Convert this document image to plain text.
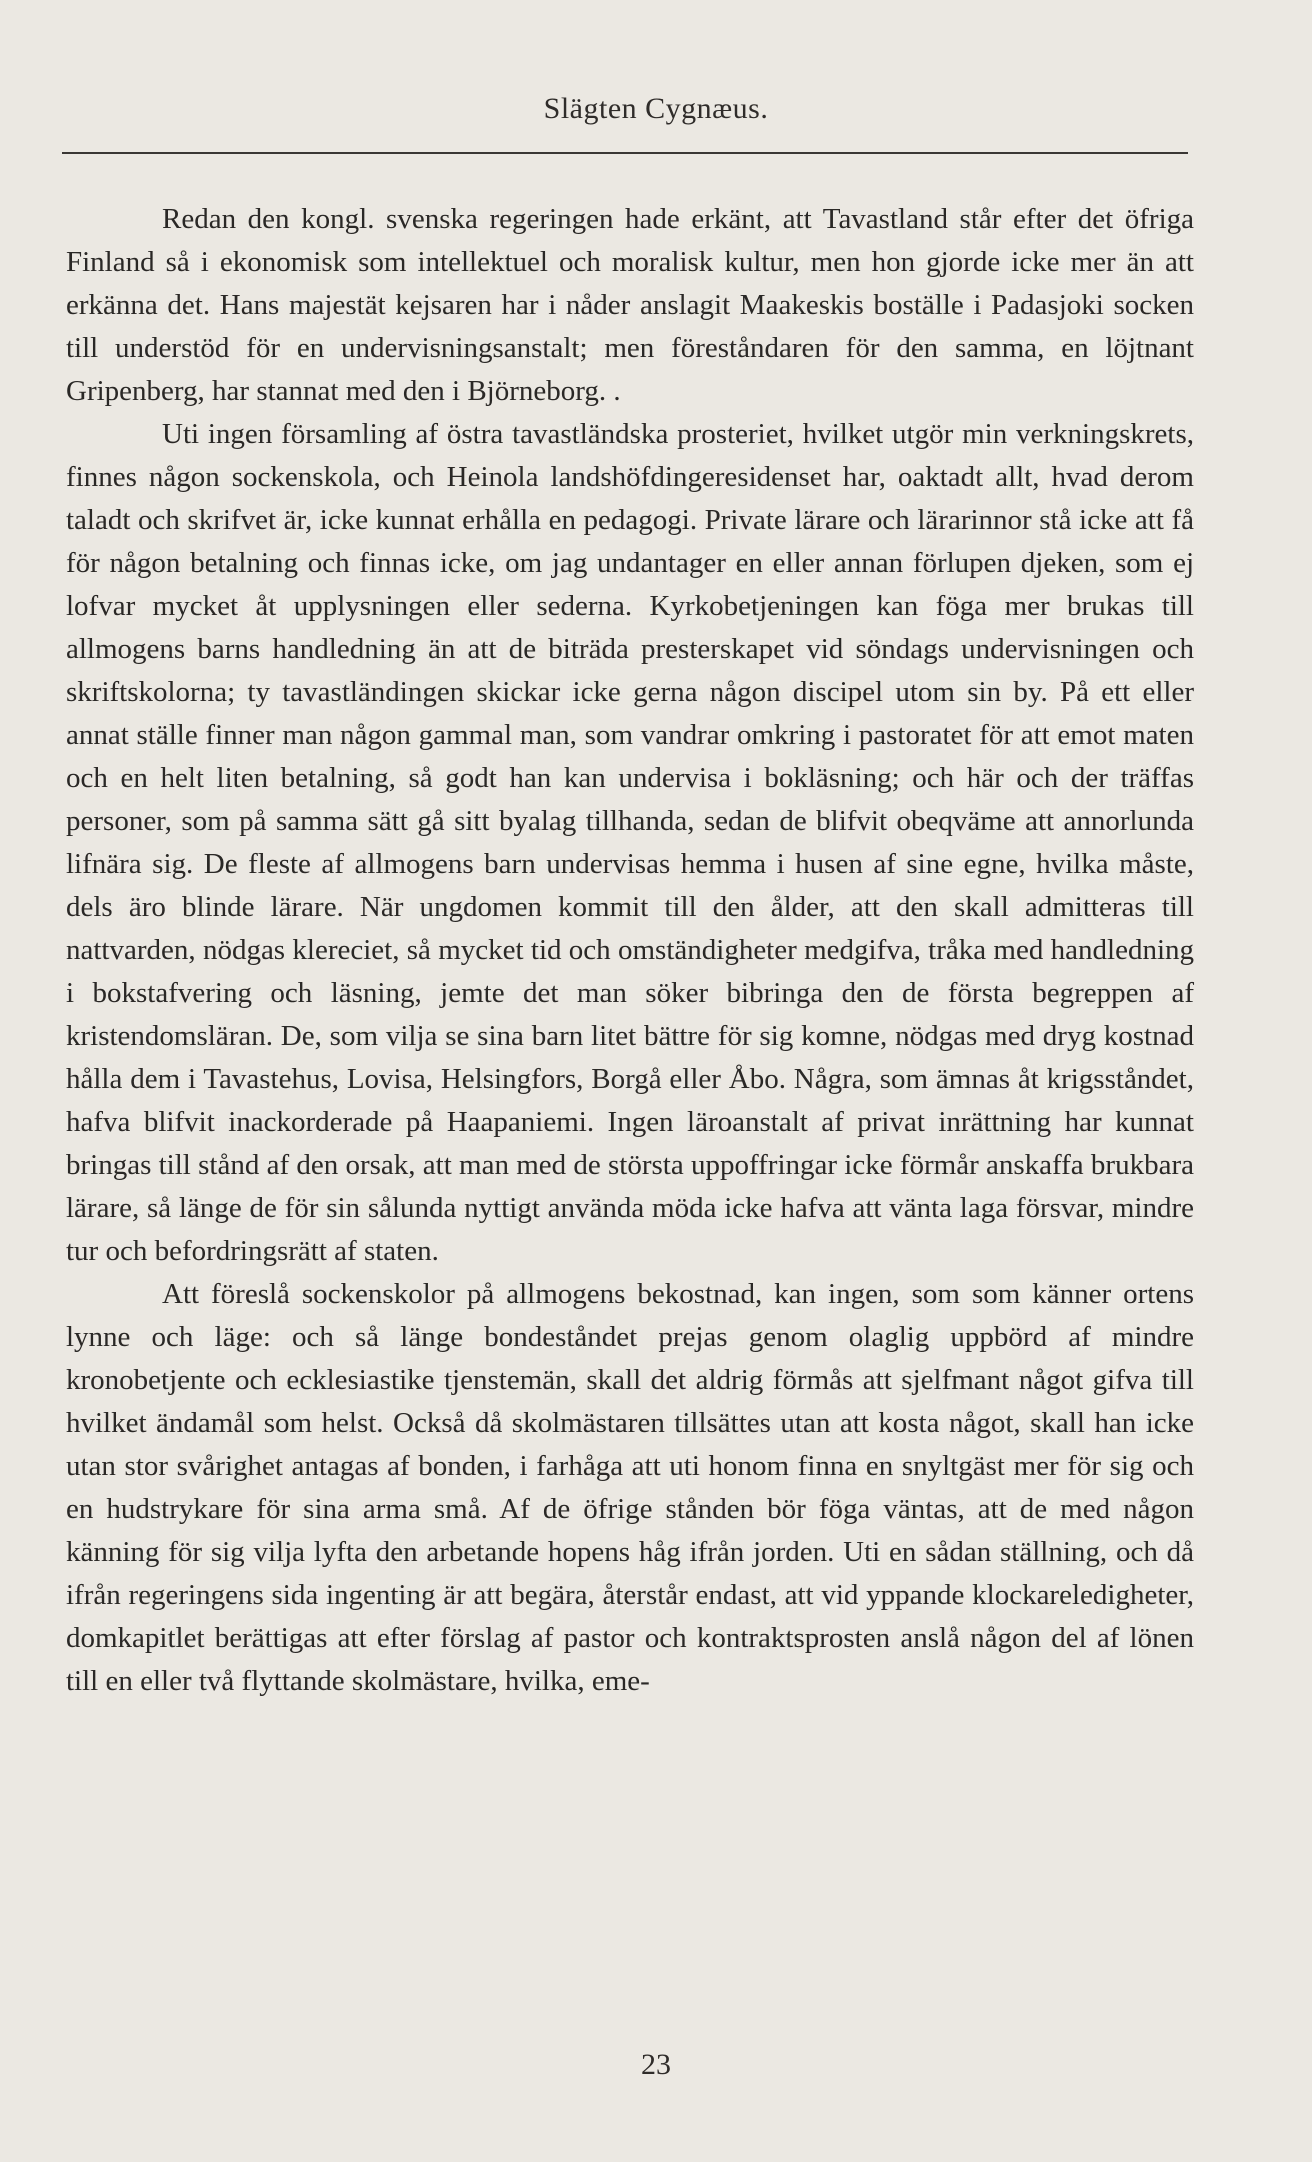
Slägten Cygnæus.

Redan den kongl. svenska regeringen hade erkänt, att Tavastland står efter det öfriga Finland så i ekonomisk som intellektuel och moralisk kultur, men hon gjorde icke mer än att erkänna det. Hans majestät kejsaren har i nåder anslagit Maakeskis boställe i Padasjoki socken till understöd för en undervisningsanstalt; men föreståndaren för den samma, en löjtnant Gripenberg, har stannat med den i Björneborg. .

Uti ingen församling af östra tavastländska prosteriet, hvilket utgör min verkningskrets, finnes någon sockenskola, och Heinola landshöfdingeresidenset har, oaktadt allt, hvad derom taladt och skrifvet är, icke kunnat erhålla en pedagogi. Private lärare och lärarinnor stå icke att få för någon betalning och finnas icke, om jag undantager en eller annan förlupen djeken, som ej lofvar mycket åt upplysningen eller sederna. Kyrkobetjeningen kan föga mer brukas till allmogens barns handledning än att de biträda presterskapet vid söndags undervisningen och skriftskolorna; ty tavastländingen skickar icke gerna någon discipel utom sin by. På ett eller annat ställe finner man någon gammal man, som vandrar omkring i pastoratet för att emot maten och en helt liten betalning, så godt han kan undervisa i bokläsning; och här och der träffas personer, som på samma sätt gå sitt byalag tillhanda, sedan de blifvit obeqväme att annorlunda lifnära sig. De fleste af allmogens barn undervisas hemma i husen af sine egne, hvilka måste, dels äro blinde lärare. När ungdomen kommit till den ålder, att den skall admitteras till nattvarden, nödgas klereciet, så mycket tid och omständigheter medgifva, tråka med handledning i bokstafvering och läsning, jemte det man söker bibringa den de första begreppen af kristendomsläran. De, som vilja se sina barn litet bättre för sig komne, nödgas med dryg kostnad hålla dem i Tavastehus, Lovisa, Helsingfors, Borgå eller Åbo. Några, som ämnas åt krigsståndet, hafva blifvit inackorderade på Haapaniemi. Ingen läroanstalt af privat inrättning har kunnat bringas till stånd af den orsak, att man med de största uppoffringar icke förmår anskaffa brukbara lärare, så länge de för sin sålunda nyttigt använda möda icke hafva att vänta laga försvar, mindre tur och befordringsrätt af staten.

Att föreslå sockenskolor på allmogens bekostnad, kan ingen, som som känner ortens lynne och läge: och så länge bondeståndet prejas genom olaglig uppbörd af mindre kronobetjente och ecklesiastike tjenstemän, skall det aldrig förmås att sjelfmant något gifva till hvilket ändamål som helst. Också då skolmästaren tillsättes utan att kosta något, skall han icke utan stor svårighet antagas af bonden, i farhåga att uti honom finna en snyltgäst mer för sig och en hudstrykare för sina arma små. Af de öfrige stånden bör föga väntas, att de med någon känning för sig vilja lyfta den arbetande hopens håg ifrån jorden. Uti en sådan ställning, och då ifrån regeringens sida ingenting är att begära, återstår endast, att vid yppande klockareledigheter, domkapitlet berättigas att efter förslag af pastor och kontraktsprosten anslå någon del af lönen till en eller två flyttande skolmästare, hvilka, eme-

23
